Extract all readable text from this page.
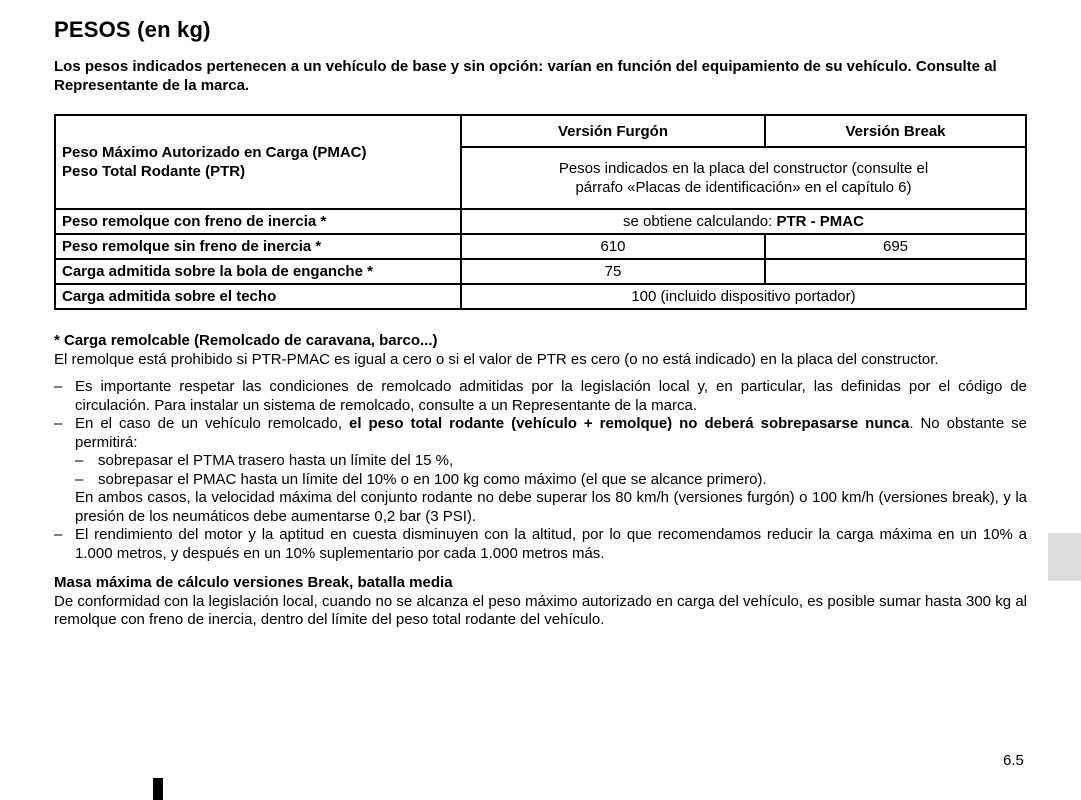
PESOS (en kg)

Los pesos indicados pertenecen a un vehículo de base y sin opción: varían en función del equipamiento de su vehículo. Consulte al Representante de la marca.

Peso Máximo Autorizado en Carga (PMAC)
Peso Total Rodante (PTR)	Versión Furgón	Versión Break

	Pesos indicados en la placa del constructor (consulte el
párrafo «Placas de identificación» en el capítulo 6)	

Peso remolque con freno de inercia *	se obtiene calculando: PTR - PMAC	
Peso remolque sin freno de inercia *	610	695
Carga admitida sobre la bola de enganche *	75	
Carga admitida sobre el techo	100 (incluido dispositivo portador)	

* Carga remolcable (Remolcado de caravana, barco...)

El remolque está prohibido si PTR-PMAC es igual a cero o si el valor de PTR es cero (o no está indicado) en la placa del constructor.

– Es importante respetar las condiciones de remolcado admitidas por la legislación local y, en particular, las definidas por el código de circulación. Para instalar un sistema de remolcado, consulte a un Representante de la marca.

– En el caso de un vehículo remolcado, el peso total rodante (vehículo + remolque) no deberá sobrepasarse nunca. No obstante se permitirá:

– sobrepasar el PTMA trasero hasta un límite del 15 %,

– sobrepasar el PMAC hasta un límite del 10% o en 100 kg como máximo (el que se alcance primero).

En ambos casos, la velocidad máxima del conjunto rodante no debe superar los 80 km/h (versiones furgón) o 100 km/h (versiones break), y la presión de los neumáticos debe aumentarse 0,2 bar (3 PSI).

– El rendimiento del motor y la aptitud en cuesta disminuyen con la altitud, por lo que recomendamos reducir la carga máxima en un 10% a 1.000 metros, y después en un 10% suplementario por cada 1.000 metros más.

Masa máxima de cálculo versiones Break, batalla media

De conformidad con la legislación local, cuando no se alcanza el peso máximo autorizado en carga del vehículo, es posible sumar hasta 300 kg al remolque con freno de inercia, dentro del límite del peso total rodante del vehículo.

6.5
